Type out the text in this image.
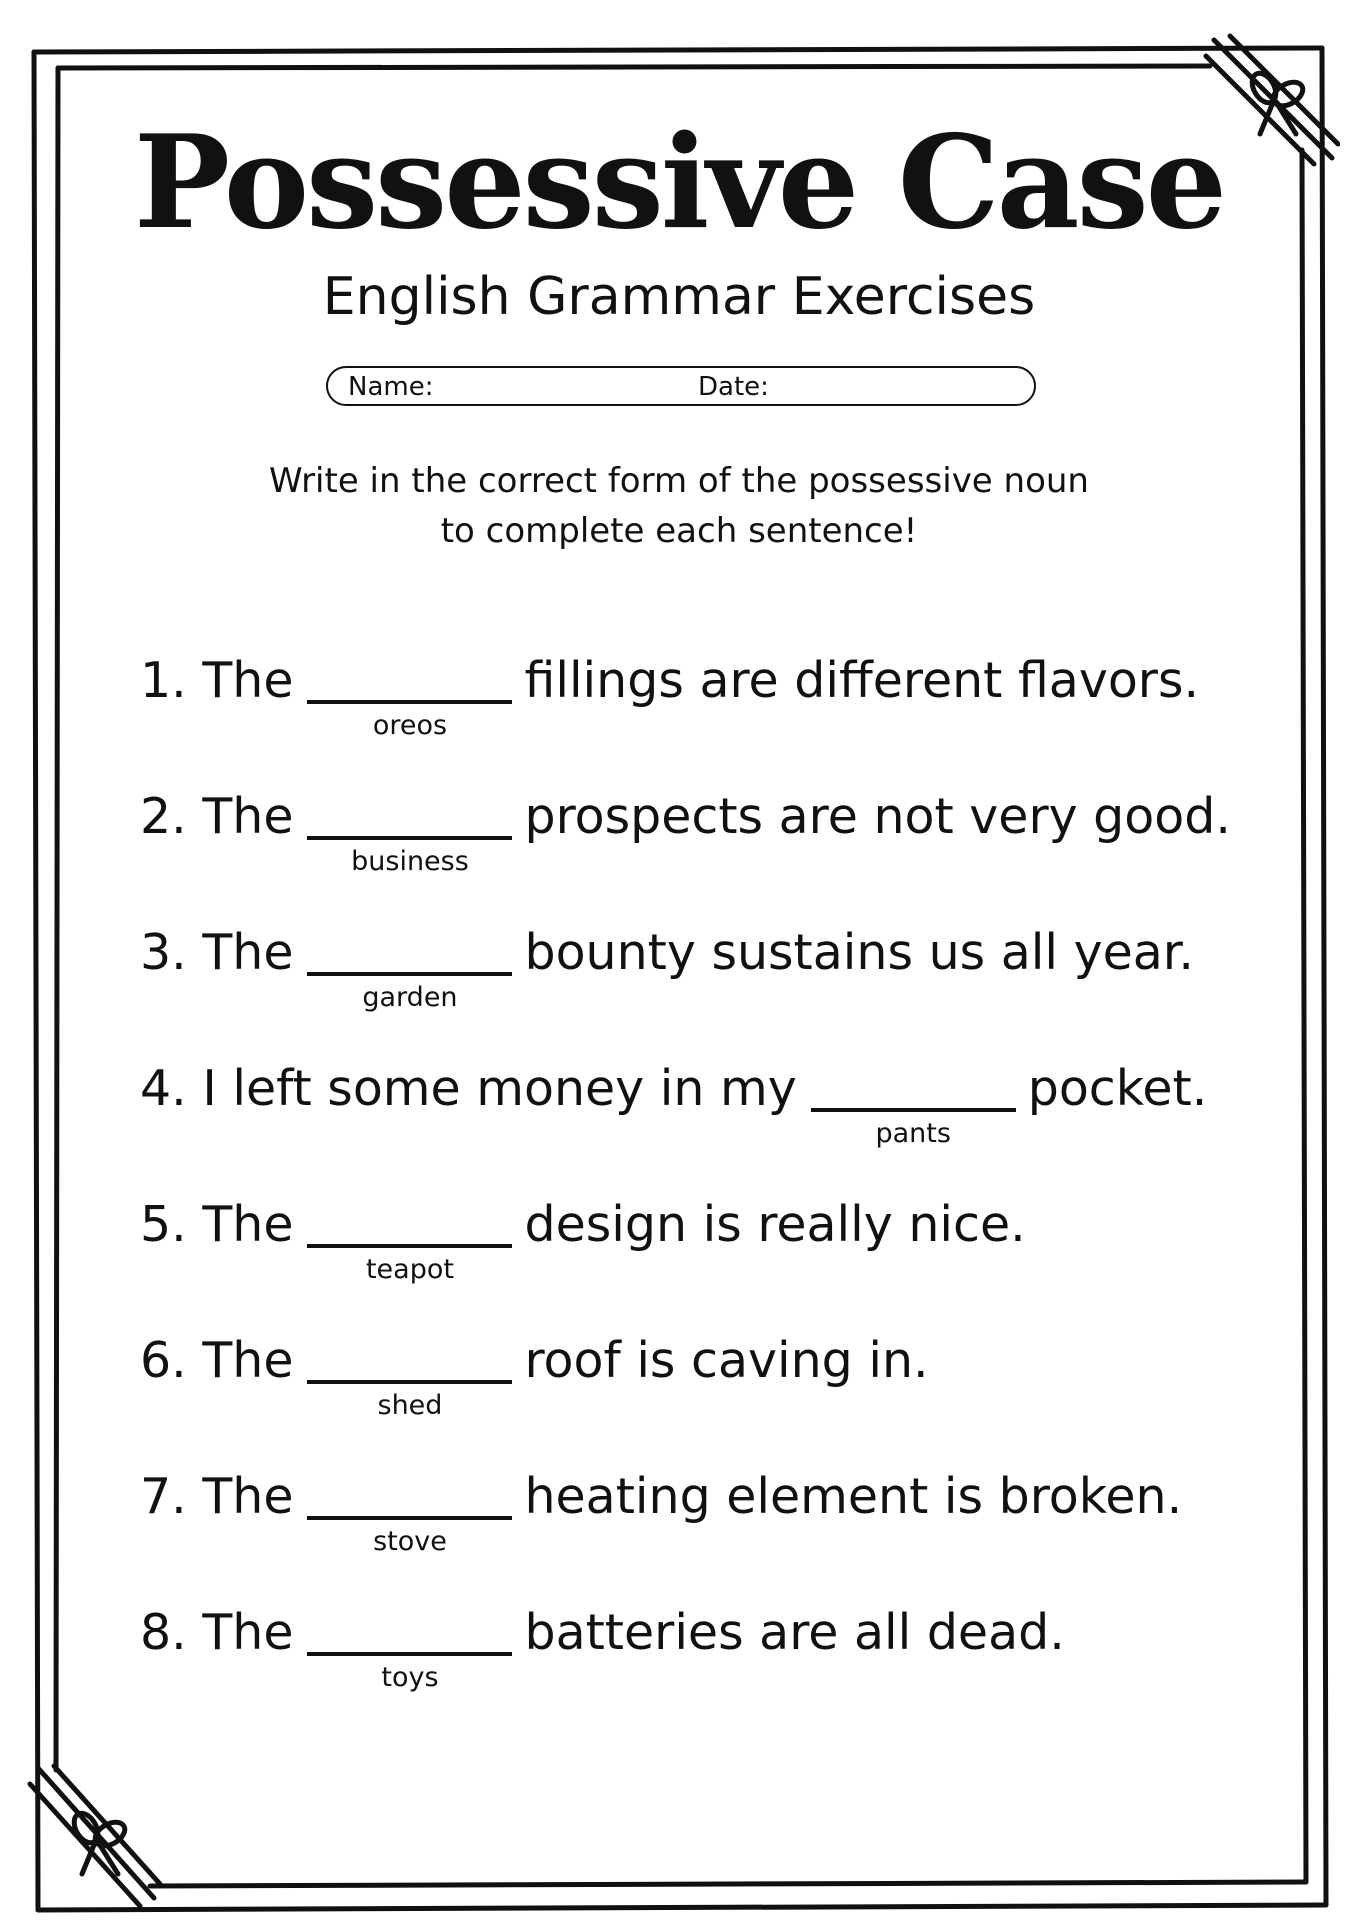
Possessive Case
English Grammar Exercises
Name:	Date:
Write in the correct form of the possessive noun
to complete each sentence!
1. The
oreos
fillings are different flavors.
2. The
business
prospects are not very good.
3. The
garden
bounty sustains us all year.
4. I left some money in my
pants
pocket.
5. The
teapot
design is really nice.
6. The
shed
roof is caving in.
7. The
stove
heating element is broken.
8. The
toys
batteries are all dead.
